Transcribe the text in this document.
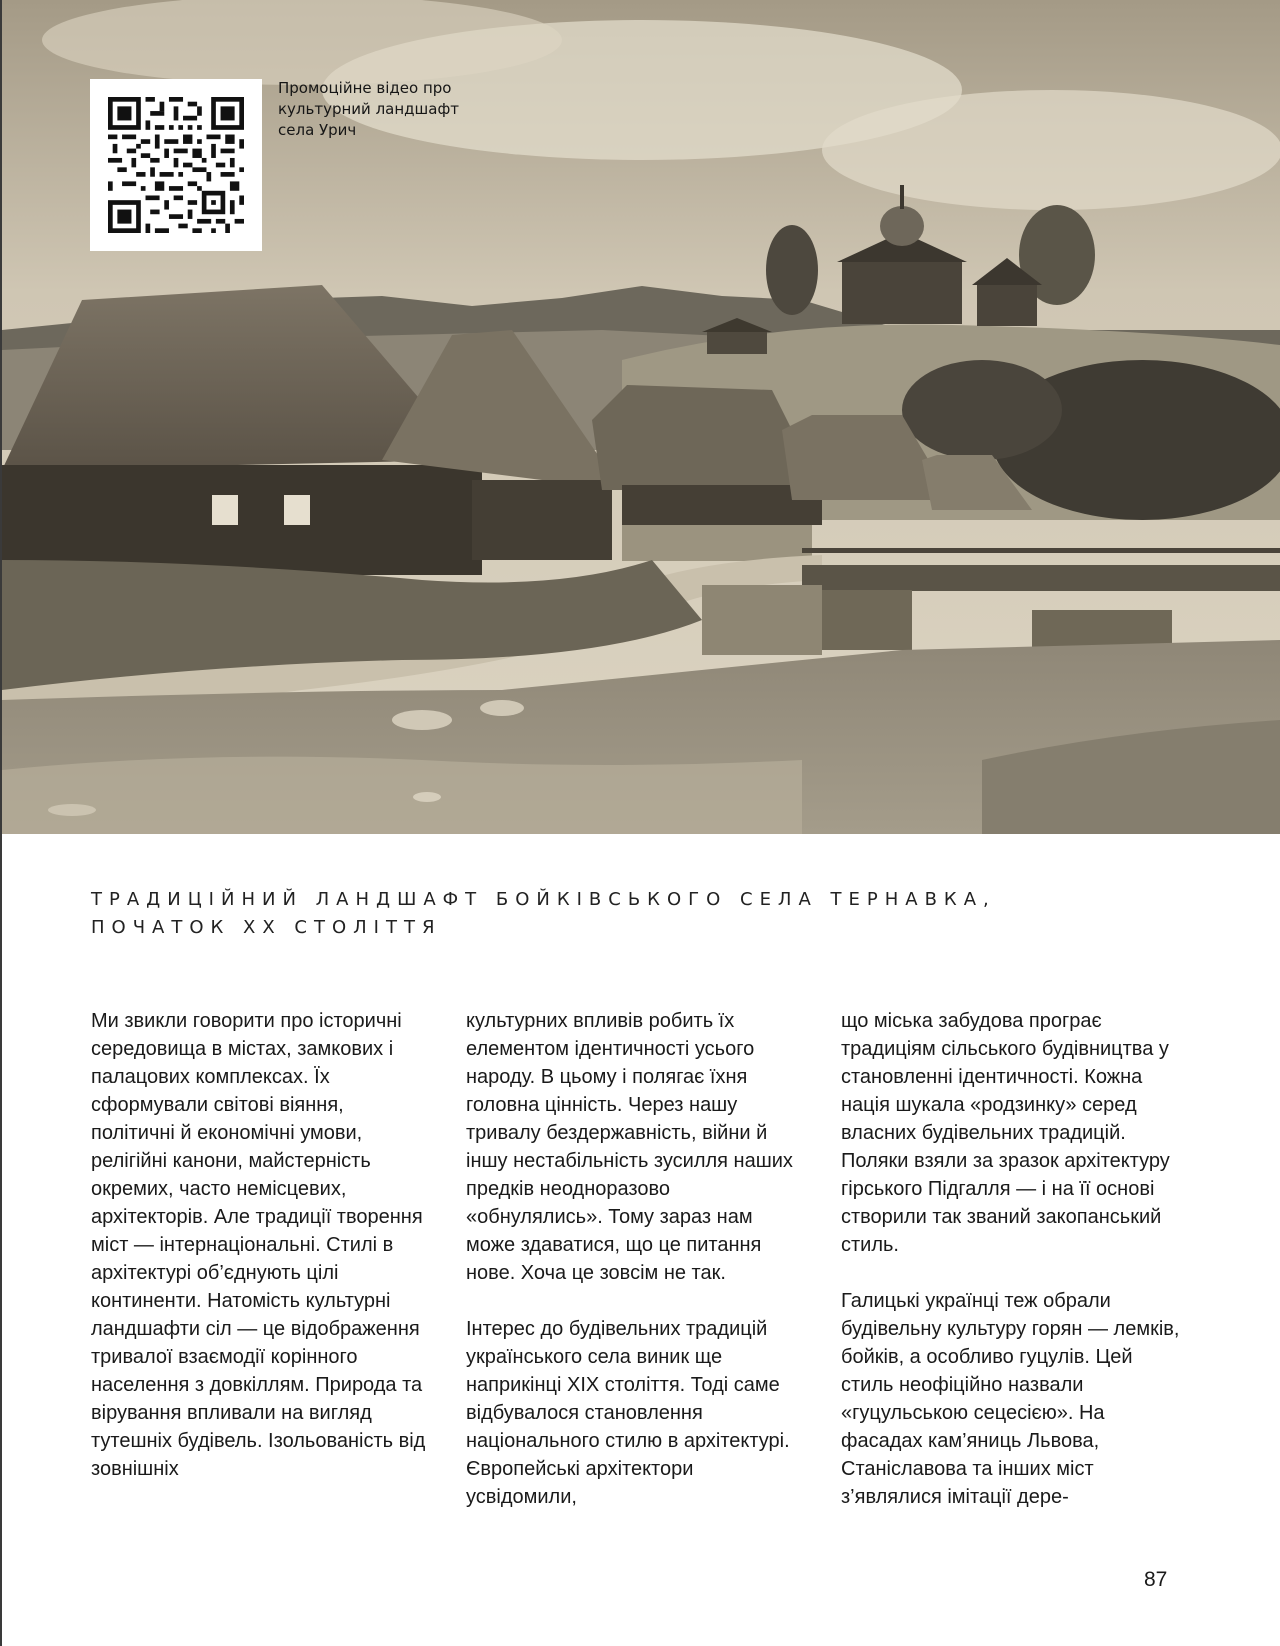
Промоційне відео про культурний ландшафт села Урич
ТРАДИЦІЙНИЙ ЛАНДШАФТ БОЙКІВСЬКОГО СЕЛА ТЕРНАВКА,
ПОЧАТОК XX СТОЛІТТЯ

Ми звикли говорити про історичні середовища в містах, замкових і палацових комплексах. Їх сформували світові віяння, політичні й економічні умови, релігійні канони, майстерність окремих, часто немісцевих, архітекторів. Але традиції творення міст — інтернаціональні. Стилі в архітектурі об’єднують цілі континенти. Натомість культурні ландшафти сіл — це відображення тривалої взаємодії корінного населення з довкіллям. Природа та вірування впливали на вигляд тутешніх будівель. Ізольованість від зовнішніх

культурних впливів робить їх елементом ідентичності усього народу. В цьому і полягає їхня головна цінність. Через нашу тривалу бездержавність, війни й іншу нестабільність зусилля наших предків неодноразово «обнулялись». Тому зараз нам може здаватися, що це питання нове. Хоча це зовсім не так.

Інтерес до будівельних традицій українського села виник ще наприкінці XIX століття. Тоді саме відбувалося становлення національного стилю в архітектурі. Європейські архітектори усвідомили,

що міська забудова програє традиціям сільського будівництва у становленні ідентичності. Кожна нація шукала «родзинку» серед власних будівельних традицій. Поляки взяли за зразок архітектуру гірського Підгалля — і на її основі створили так званий закопанський стиль.

Галицькі українці теж обрали будівельну культуру горян — лемків, бойків, а особливо гуцулів. Цей стиль неофіційно назвали «гуцульською сецесією». На фасадах кам’яниць Львова, Станіславова та інших міст з’являлися імітації дере-

87
